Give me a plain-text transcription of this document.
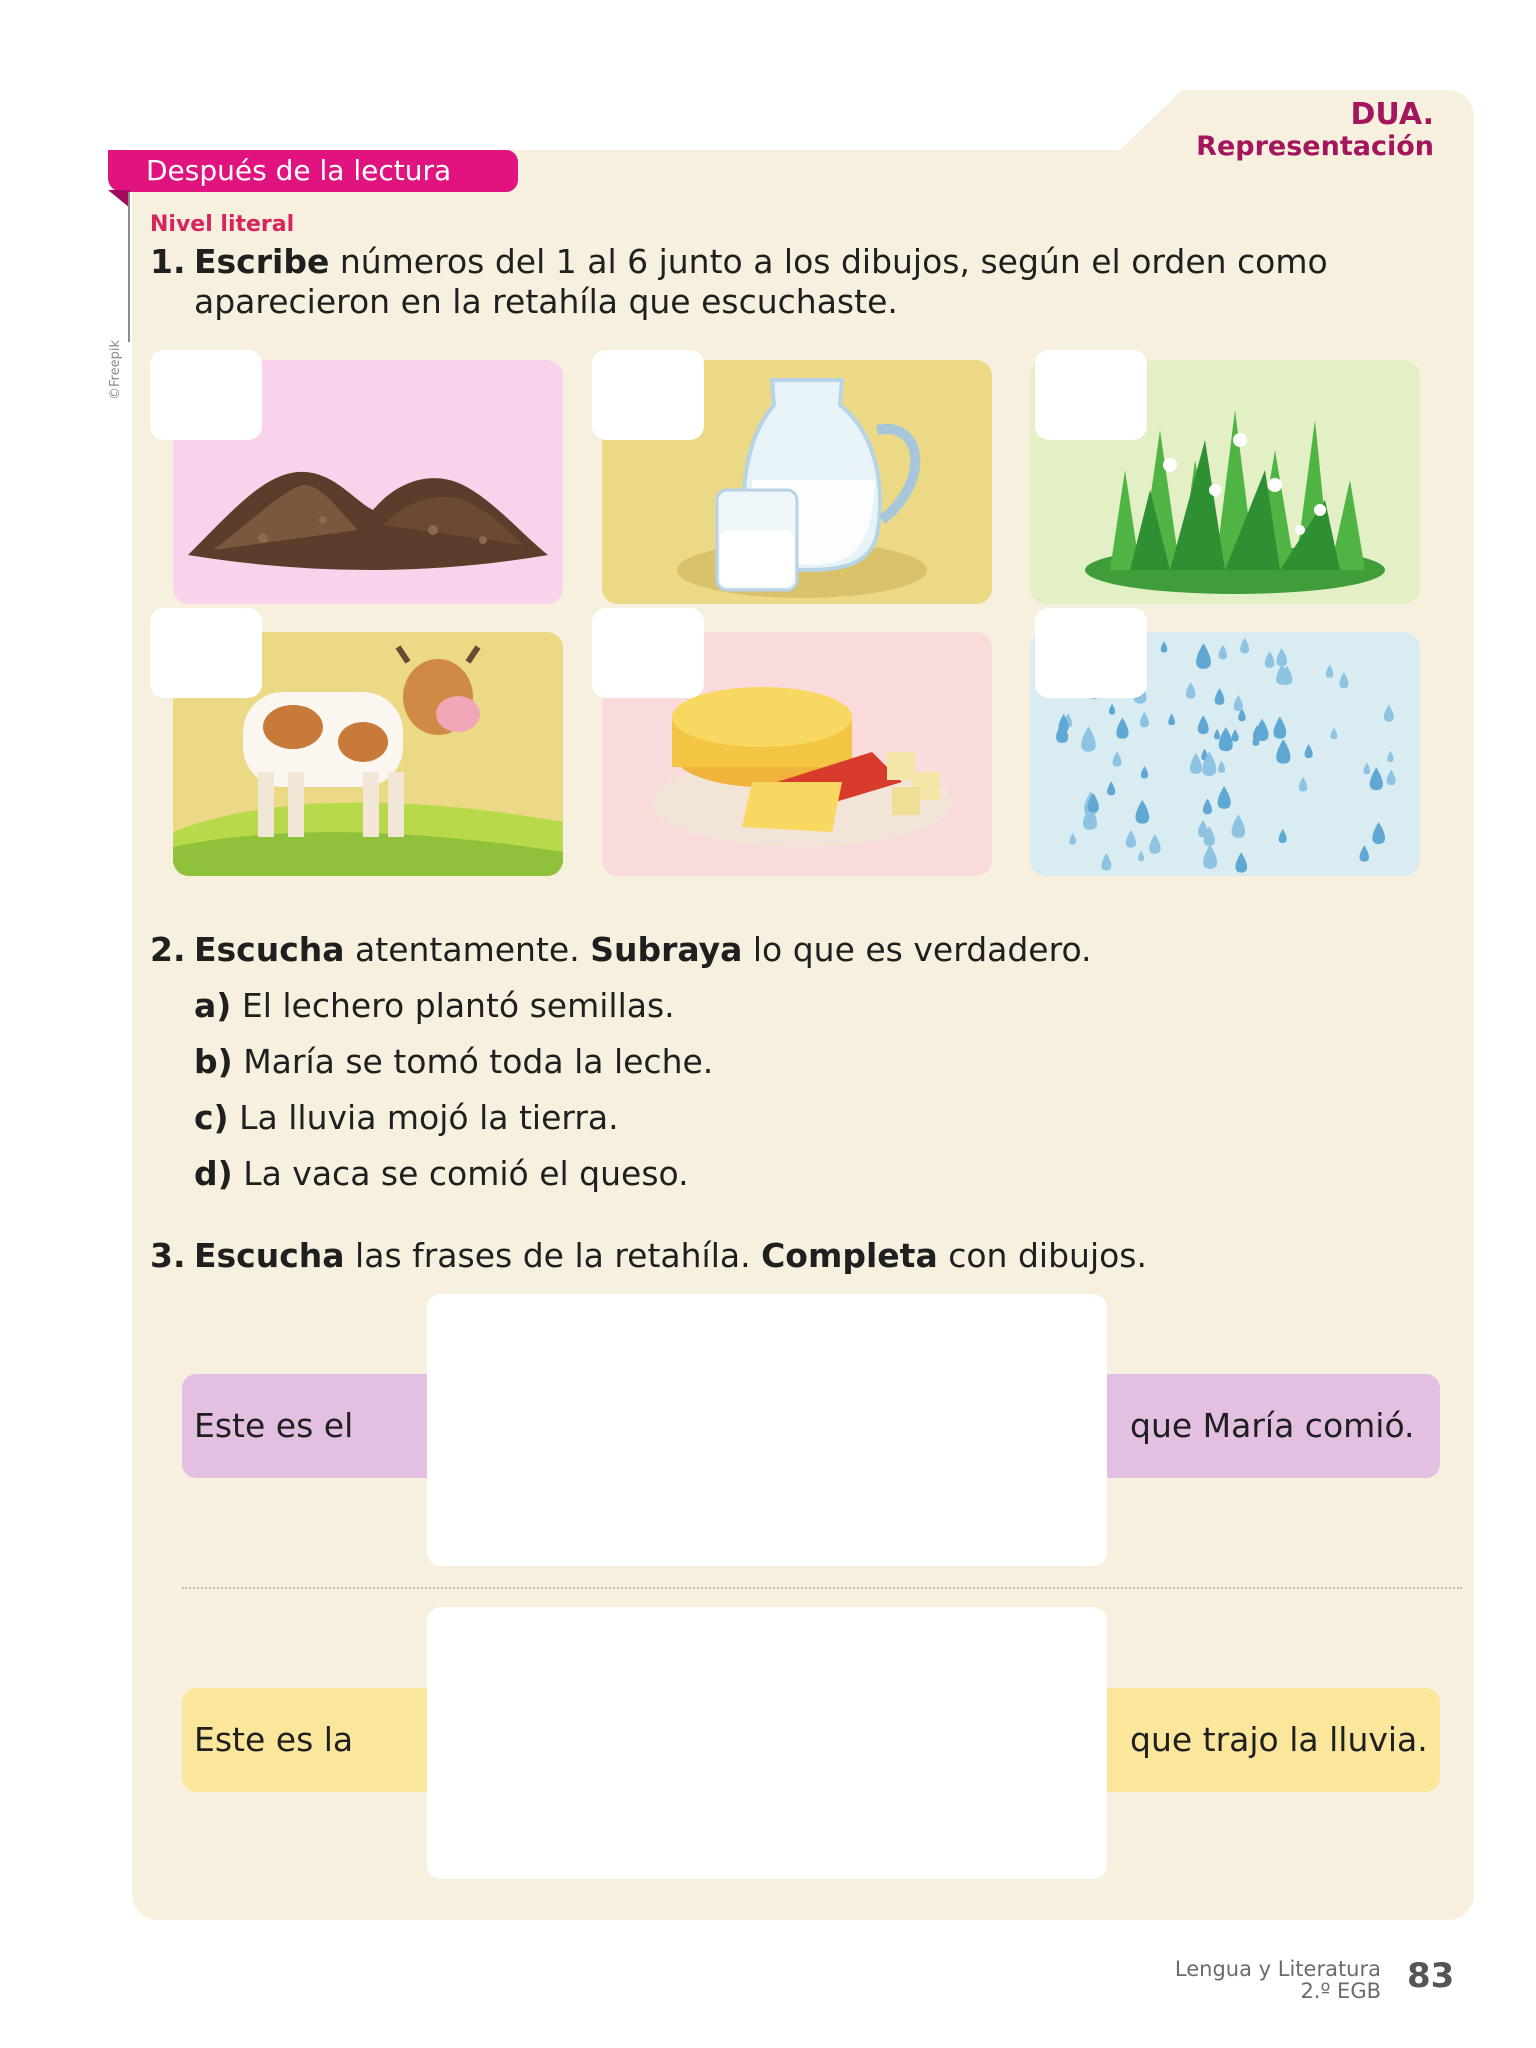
DUA.
Representación
Después de la lectura
©Freepik
Nivel literal
1. Escribe números del 1 al 6 junto a los dibujos, según el orden como
aparecieron en la retahíla que escuchaste.
2. Escucha atentamente. Subraya lo que es verdadero.
a) El lechero plantó semillas.
b) María se tomó toda la leche.
c) La lluvia mojó la tierra.
d) La vaca se comió el queso.
3. Escucha las frases de la retahíla. Completa con dibujos.
Este es el	que María comió.
Este es la	que trajo la lluvia.
Lengua y Literatura
2.º EGB 83
